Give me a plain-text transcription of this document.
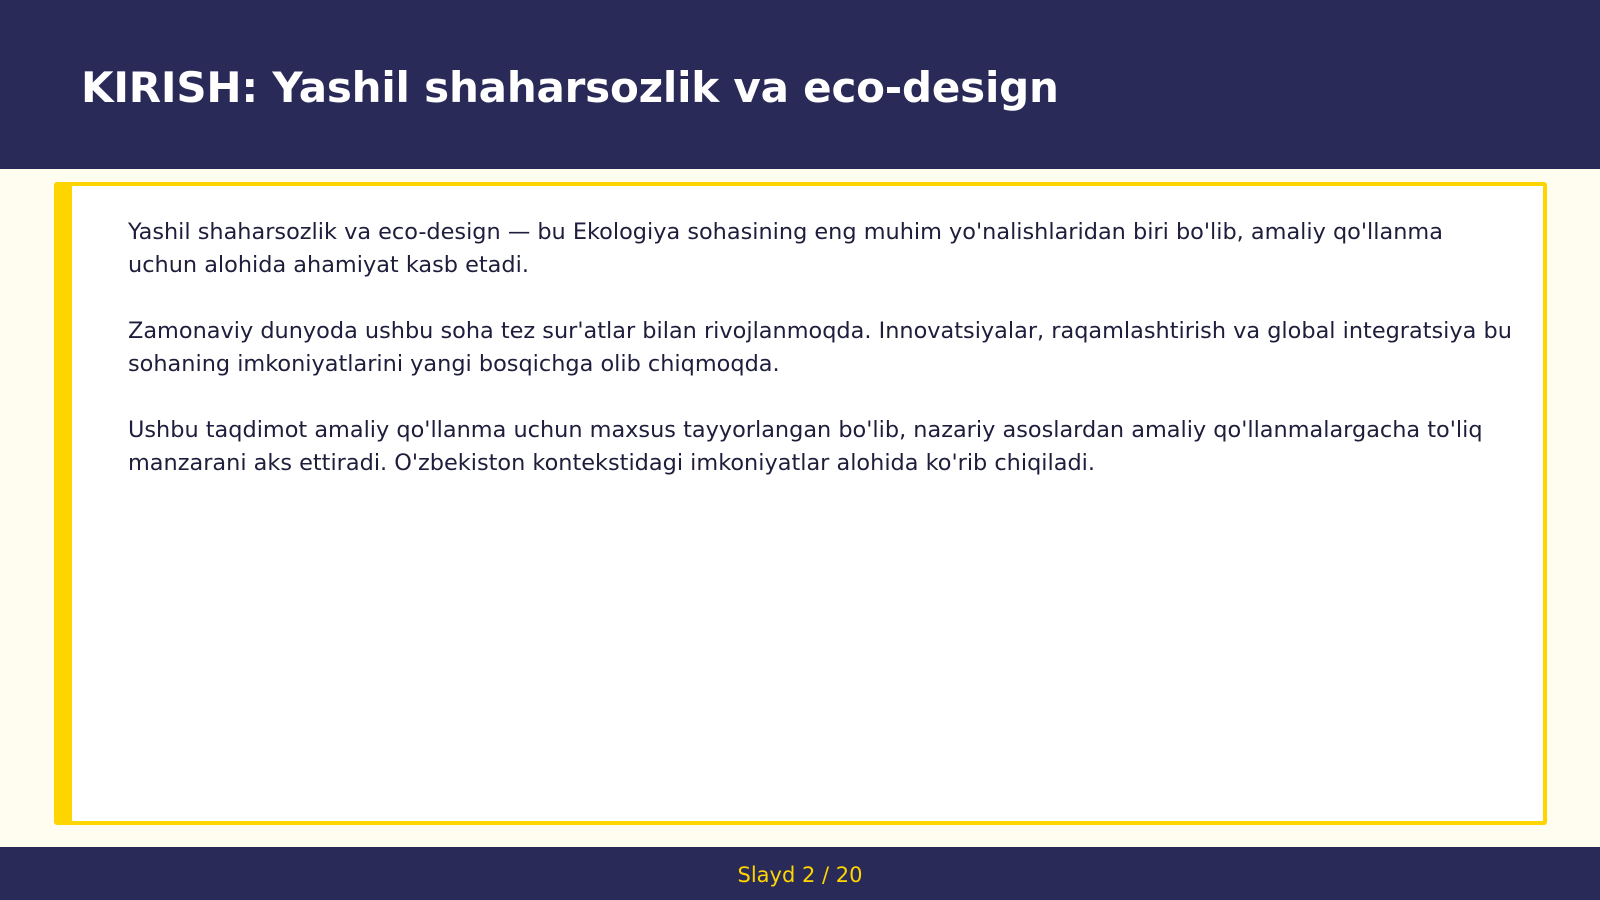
KIRISH: Yashil shaharsozlik va eco-design

Yashil shaharsozlik va eco-design — bu Ekologiya sohasining eng muhim yo'nalishlaridan biri bo'lib, amaliy qo'llanma uchun alohida ahamiyat kasb etadi.

Zamonaviy dunyoda ushbu soha tez sur'atlar bilan rivojlanmoqda. Innovatsiyalar, raqamlashtirish va global integratsiya bu sohaning imkoniyatlarini yangi bosqichga olib chiqmoqda.

Ushbu taqdimot amaliy qo'llanma uchun maxsus tayyorlangan bo'lib, nazariy asoslardan amaliy qo'llanmalargacha to'liq manzarani aks ettiradi. O'zbekiston kontekstidagi imkoniyatlar alohida ko'rib chiqiladi.

Slayd 2 / 20
